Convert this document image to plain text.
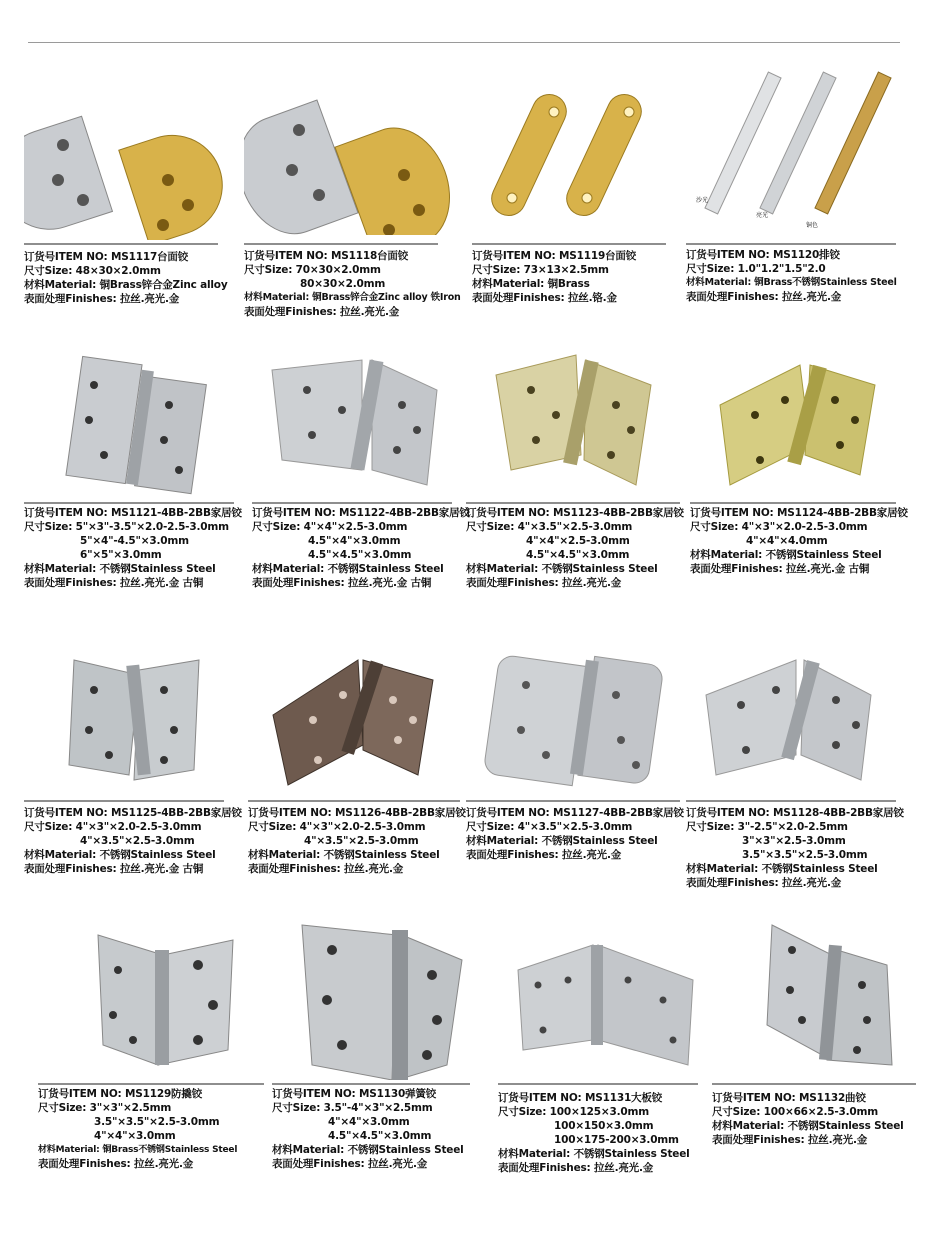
订货号ITEM NO: MS1117台面铰
尺寸Size: 48×30×2.0mm
材料Material: 铜Brass锌合金Zinc alloy
表面处理Finishes: 拉丝.亮光.金
订货号ITEM NO: MS1118台面铰
尺寸Size: 70×30×2.0mm
80×30×2.0mm
材料Material: 铜Brass锌合金Zinc alloy 铁Iron
表面处理Finishes: 拉丝.亮光.金
订货号ITEM NO: MS1119台面铰
尺寸Size: 73×13×2.5mm
材料Material: 铜Brass
表面处理Finishes: 拉丝.铬.金
沙光
亮光
铜色
订货号ITEM NO: MS1120排铰
尺寸Size: 1.0"1.2"1.5"2.0
材料Material: 铜Brass不锈钢Stainless Steel
表面处理Finishes: 拉丝.亮光.金
订货号ITEM NO: MS1121-4BB-2BB家居铰
尺寸Size: 5"×3"-3.5"×2.0-2.5-3.0mm
5"×4"-4.5"×3.0mm
6"×5"×3.0mm
材料Material: 不锈钢Stainless Steel
表面处理Finishes: 拉丝.亮光.金 古铜
订货号ITEM NO: MS1122-4BB-2BB家居铰
尺寸Size: 4"×4"×2.5-3.0mm
4.5"×4"×3.0mm
4.5"×4.5"×3.0mm
材料Material: 不锈钢Stainless Steel
表面处理Finishes: 拉丝.亮光.金 古铜
订货号ITEM NO: MS1123-4BB-2BB家居铰
尺寸Size: 4"×3.5"×2.5-3.0mm
4"×4"×2.5-3.0mm
4.5"×4.5"×3.0mm
材料Material: 不锈钢Stainless Steel
表面处理Finishes: 拉丝.亮光.金
订货号ITEM NO: MS1124-4BB-2BB家居铰
尺寸Size: 4"×3"×2.0-2.5-3.0mm
4"×4"×4.0mm
材料Material: 不锈钢Stainless Steel
表面处理Finishes: 拉丝.亮光.金 古铜
订货号ITEM NO: MS1125-4BB-2BB家居铰
尺寸Size: 4"×3"×2.0-2.5-3.0mm
4"×3.5"×2.5-3.0mm
材料Material: 不锈钢Stainless Steel
表面处理Finishes: 拉丝.亮光.金 古铜
订货号ITEM NO: MS1126-4BB-2BB家居铰
尺寸Size: 4"×3"×2.0-2.5-3.0mm
4"×3.5"×2.5-3.0mm
材料Material: 不锈钢Stainless Steel
表面处理Finishes: 拉丝.亮光.金
订货号ITEM NO: MS1127-4BB-2BB家居铰
尺寸Size: 4"×3.5"×2.5-3.0mm
材料Material: 不锈钢Stainless Steel
表面处理Finishes: 拉丝.亮光.金
订货号ITEM NO: MS1128-4BB-2BB家居铰
尺寸Size: 3"-2.5"×2.0-2.5mm
3"×3"×2.5-3.0mm
3.5"×3.5"×2.5-3.0mm
材料Material: 不锈钢Stainless Steel
表面处理Finishes: 拉丝.亮光.金
订货号ITEM NO: MS1129防撬铰
尺寸Size: 3"×3"×2.5mm
3.5"×3.5"×2.5-3.0mm
4"×4"×3.0mm
材料Material: 铜Brass不锈钢Stainless Steel
表面处理Finishes: 拉丝.亮光.金
订货号ITEM NO: MS1130弹簧铰
尺寸Size: 3.5"-4"×3"×2.5mm
4"×4"×3.0mm
4.5"×4.5"×3.0mm
材料Material: 不锈钢Stainless Steel
表面处理Finishes: 拉丝.亮光.金
订货号ITEM NO: MS1131大板铰
尺寸Size: 100×125×3.0mm
100×150×3.0mm
100×175-200×3.0mm
材料Material: 不锈钢Stainless Steel
表面处理Finishes: 拉丝.亮光.金
订货号ITEM NO: MS1132曲铰
尺寸Size: 100×66×2.5-3.0mm
材料Material: 不锈钢Stainless Steel
表面处理Finishes: 拉丝.亮光.金
